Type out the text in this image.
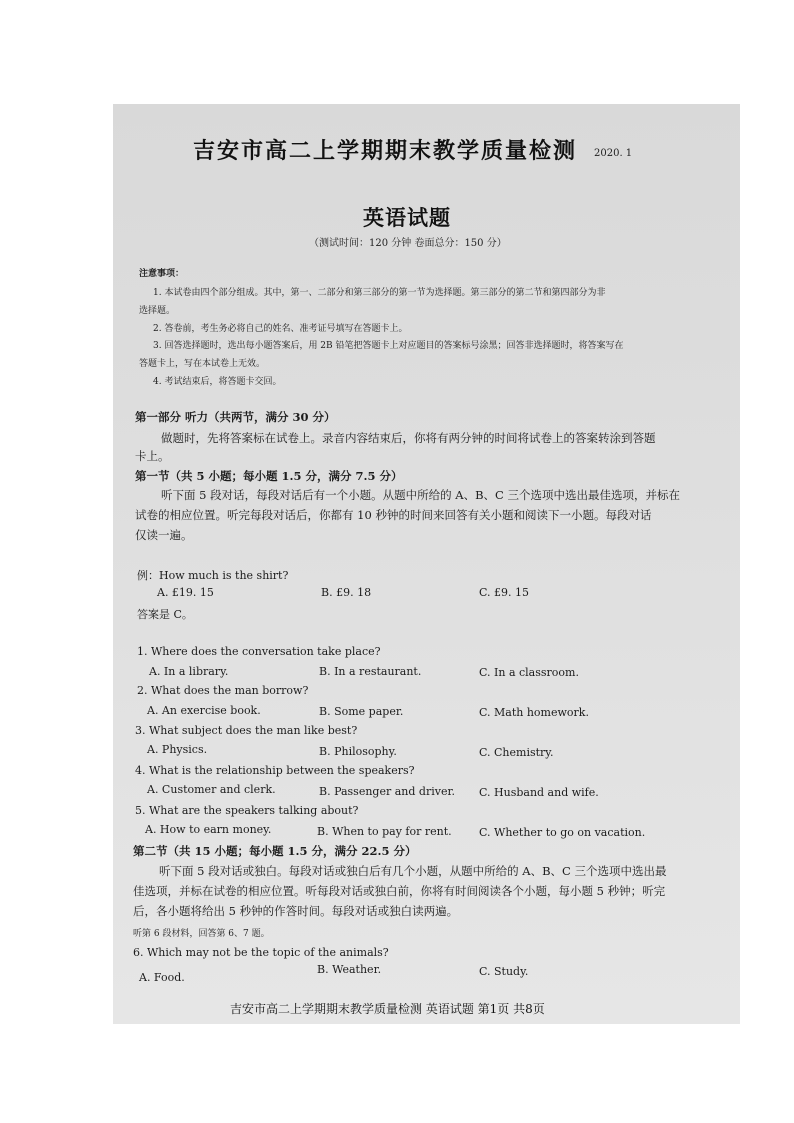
吉安市高二上学期期末教学质量检测 2020. 1
英语试题
（测试时间：120 分钟 卷面总分：150 分）
注意事项：
1. 本试卷由四个部分组成。其中，第一、二部分和第三部分的第一节为选择题。第三部分的第二节和第四部分为非
选择题。
2. 答卷前，考生务必将自己的姓名、准考证号填写在答题卡上。
3. 回答选择题时，选出每小题答案后，用 2B 铅笔把答题卡上对应题目的答案标号涂黑；回答非选择题时，将答案写在
答题卡上，写在本试卷上无效。
4. 考试结束后，将答题卡交回。
第一部分 听力（共两节，满分 30 分）
做题时，先将答案标在试卷上。录音内容结束后，你将有两分钟的时间将试卷上的答案转涂到答题
卡上。
第一节（共 5 小题；每小题 1.5 分，满分 7.5 分）
听下面 5 段对话，每段对话后有一个小题。从题中所给的 A、B、C 三个选项中选出最佳选项，并标在
试卷的相应位置。听完每段对话后，你都有 10 秒钟的时间来回答有关小题和阅读下一小题。每段对话
仅读一遍。
例：How much is the shirt?
A. £19. 15	B. £9. 18	C. £9. 15
答案是 C。
1. Where does the conversation take place?
A. In a library.	B. In a restaurant.	C. In a classroom.
2. What does the man borrow?
A. An exercise book.	B. Some paper.	C. Math homework.
3. What subject does the man like best?
A. Physics.	B. Philosophy.	C. Chemistry.
4. What is the relationship between the speakers?
A. Customer and clerk.	B. Passenger and driver. C. Husband and wife.
5. What are the speakers talking about?
A. How to earn money.	B. When to pay for rent. C. Whether to go on vacation.
第二节（共 15 小题；每小题 1.5 分，满分 22.5 分）
听下面 5 段对话或独白。每段对话或独白后有几个小题，从题中所给的 A、B、C 三个选项中选出最
佳选项，并标在试卷的相应位置。听每段对话或独白前，你将有时间阅读各个小题，每小题 5 秒钟；听完
后，各小题将给出 5 秒钟的作答时间。每段对话或独白读两遍。
听第 6 段材料，回答第 6、7 题。
6. Which may not be the topic of the animals?
A. Food.
B. Weather.	C. Study.
吉安市高二上学期期末教学质量检测 英语试题 第1页 共8页
